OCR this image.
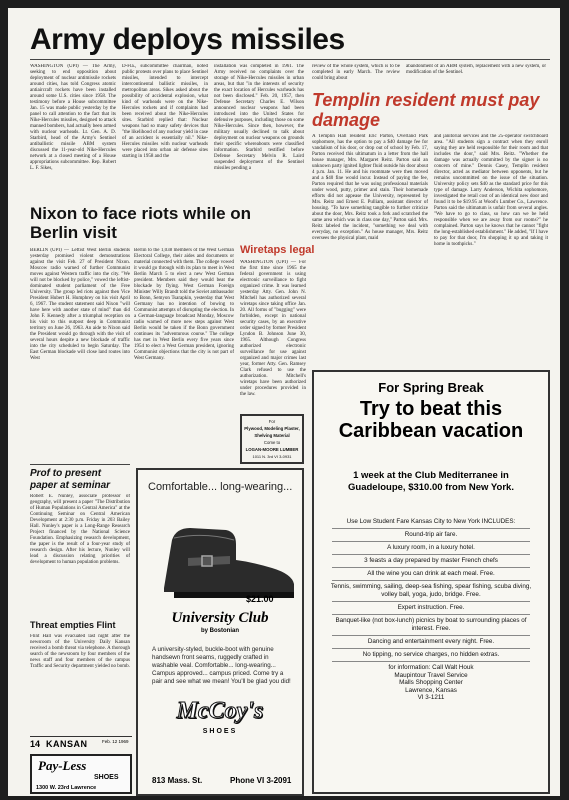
Army deploys missiles
WASHINGTON (UPI) — The Army, seeking to end opposition about deployment of nuclear antimissile rockets around cities, has told Congress atomic antiaircraft rockets have been installed around some U.S. cities since 1958. The testimony before a House subcommittee Jan. 15 was made public yesterday by the panel to call attention to the fact that its Nike-Hercules missiles, designed to attack manned bombers, had actually been armed with nuclear warheads. Lt. Gen. A. D. Starbird, head of the Army's Sentinel antiballistic missile ABM system discussed the 11-year-old Nike-Hercules network at a closed meeting of a House appropriations subcommittee. Rep. Robert L. F. Sikes,
D-Fla., subcommittee chairman, noted public protests over plans to place Sentinel missiles, intended to intercept intercontinental ballistic missiles, in metropolitan areas. Sikes asked about the possibility of accidental explosion, what kind of warheads were on the Nike-Hercules rockets and if complaints had been received about the Nike-Hercules sites. Starbird replied that: Nuclear weapons had so many safety devices that "the likelihood of any nuclear yield in case of an accident is essentially nil." Nike-Hercules missiles with nuclear warheads were placed into urban air defense sites starting in 1958 and the
installation was completed in 1961. The Army received no complaints over the storage of Nike-Hercules missiles in urban areas, but that "in the interests of security the exact location of Hercules warheads has not been disclosed." Feb. 20, 1957, then Defense Secretary Charles E. Wilson announced nuclear weapons had been introduced into the United States for defensive purposes, including those on some Nike-Hercules. Since then, however, the military usually declined to talk about deployment on nuclear weapons on grounds their specific whereabouts were classified information. Starbird testified before Defense Secretary Melvin R. Laird suspended deployment of the Sentinel missiles pending a
review of the whole system, which is to be completed in early March. The review could bring about
abandonment of an ABM system, replacement with a new system, or modification of the Sentinel.
Templin resident must pay damage
A Templin Hall resident Eric Parton, Overland Park sophomore, has the option to pay a $40 damage fee for vandalism of his door, or drop out of school by Feb. 17, Parton received this ultimatum in a letter from the hall house manager, Mrs. Margaret Reitz. Parton said an unknown party ignited lighter fluid outside his door about 4 p.m. Jan. 11. He and his roommate were then moved and a $40 fine would incur. Instead of paying the fee, Parton required that he was using professional materials under wood, putty, primer and stain. Their homemade efforts did not appease the University, represented by Mrs. Reitz and Ernest E. Pulliam, assistant director of housing. "To have something tangible to further criticize about the door, Mrs. Reitz took a fork and scratched the same area which was in class one day," Parton said. Mrs. Reitz labeled the incident, "something we deal with everyday, no exception." As house manager, Mrs. Reitz oversees the physical plant, maid
and janitorial services and the 25-operator switchboard area. "All students sign a contract when they enroll saying they are held responsible for their room and that includes the door," said Mrs. Reitz. "Whether the damage was actually committed by the signer is no concern of mine." Dennis Casey, Templin resident director, acted as mediator between opponents, but he remains uncommitted on the issue of the situation. University policy sets $40 as the standard price for this type of damage. Larry Anderson, Wichita sophomore, investigated the retail cost of an identical new door and found it to be $19.95 at Wood's Lumber Co., Lawrence. Parton said the ultimatum is unfair from several angles. "We have to go to class, so how can we be held responsible when we are away from our rooms?" he complained. Parton says he knows that he cannot "fight the long-established establishment." He added, "If I have to pay for that door, I'm shopping it up and taking it home in toothpicks."
Nixon to face riots while on Berlin visit
BERLIN (UPI) — Leftist West Berlin students yesterday promised violent demonstrations against the visit Feb. 27 of President Nixon. Moscow radio warned of further Communist moves against Western traffic into the city. "We will not be blocked by police," vowed the leftist-dominated student parliament of the Free University. The group led riots against then Vice President Hubert H. Humphrey on his visit April 6, 1967. The student statement said Nixon "will have here with another state of mind" than did John F. Kennedy after a triumphal reception on his visit to this outpost deep in Communist territory on June 26, 1963. An aide to Nixon said the President would go through with the visit of several hours despite a new blockade of traffic into the city scheduled to begin Saturday. The East German blockade will close land routes into West
Berlin to the 1,038 members of the West German Electoral College, their aides and documents or material connected with them. The college vowed it would go through with its plan to meet in West Berlin March 5 to elect a new West German president. Members said they would beat the blockade by flying. West German Foreign Minister Willy Brandt told the Soviet ambassador to Bonn, Semyon Tsarapkin, yesterday that West Germany has no intention of bowing to Communist attempts of disrupting the election. In a German-language broadcast Monday, Moscow radio warned of more new steps against West Berlin would be taken if the Bonn government continues its "adventurous course." The college has met in West Berlin every five years since 1954 to elect a West German president, ignoring Communist objections that the city is not part of West Germany.
Wiretaps legal
WASHINGTON (UPI) — For the first time since 1965 the federal government is using electronic surveillance to fight organized crime. It was learned yesterday Atty. Gen. John N. Mitchell has authorized several wiretaps since taking office Jan. 20. All forms of "bugging" were forbidden, except in national security cases, by an executive order signed by former President Lyndon B. Johnson June 30, 1965. Although Congress authorized electronic surveillance for use against organized and major crimes last year, former Atty. Gen. Ramsey Clark refused to use the authorization. Mitchell's wiretaps have been authorized under procedures provided in the law.
For
Plywood, Modeling Plaster,
Shelving Material
Come to
LOGAN-MOORE LUMBER
1011 N. 3rd VI 3-0931
Prof to present paper at seminar
Robert E. Nunley, associate professor of geography, will present a paper "The Distribution of Human Populations in Central America" at the Continuing Seminar on Central American Development at 2:30 p.m. Friday in 203 Bailey Hall. Nunley's paper is a Long-Range Research Project financed by the National Science Foundation. Emphasizing research development, the paper is the result of a four-year study of research design. After his lecture, Nunley will lead a discussion relating priorities of development to human population problems.
Threat empties Flint
Flint Hall was evacuated last night after the newsroom of the University Daily Kansan received a bomb threat via telephone. A thorough search of the newsroom by four members of the news staff and four members of the campus Traffic and Security department yielded no bomb.
14 KANSAN	Feb. 12 1969
Pay-Less
SHOES
1300 W. 23rd Lawrence
Comfortable... long-wearing...
$21.00
University Club
by Bostonian
A university-styled, buckle-boot with genuine handsewn front seams, ruggedly crafted in washable veal. Comfortable... long-wearing... Campus approved... campus priced. Come try a pair and see what we mean! You'll be glad you did!
McCoy's
SHOES
813 Mass. St.	Phone VI 3-2091
For Spring Break
Try to beat this Caribbean vacation
1 week at the Club Mediterranee in Guadeloupe, $310.00 from New York.
Use Low Student Fare Kansas City to New York INCLUDES:
Round-trip air fare.
A luxury room, in a luxury hotel.
3 feasts a day prepared by master French chefs
All the wine you can drink at each meal. Free.
Tennis, swimming, sailing, deep-sea fishing, spear fishing, scuba diving, volley ball, yoga, judo, bridge. Free.
Expert instruction. Free.
Banquet-like (not box-lunch) picnics by boat to surrounding places of interest. Free.
Dancing and entertainment every night. Free.
No tipping, no service charges, no hidden extras.
for information: Call Walt Houk
Maupintour Travel Service
Malls Shopping Center
Lawrence, Kansas
VI 3-1211
